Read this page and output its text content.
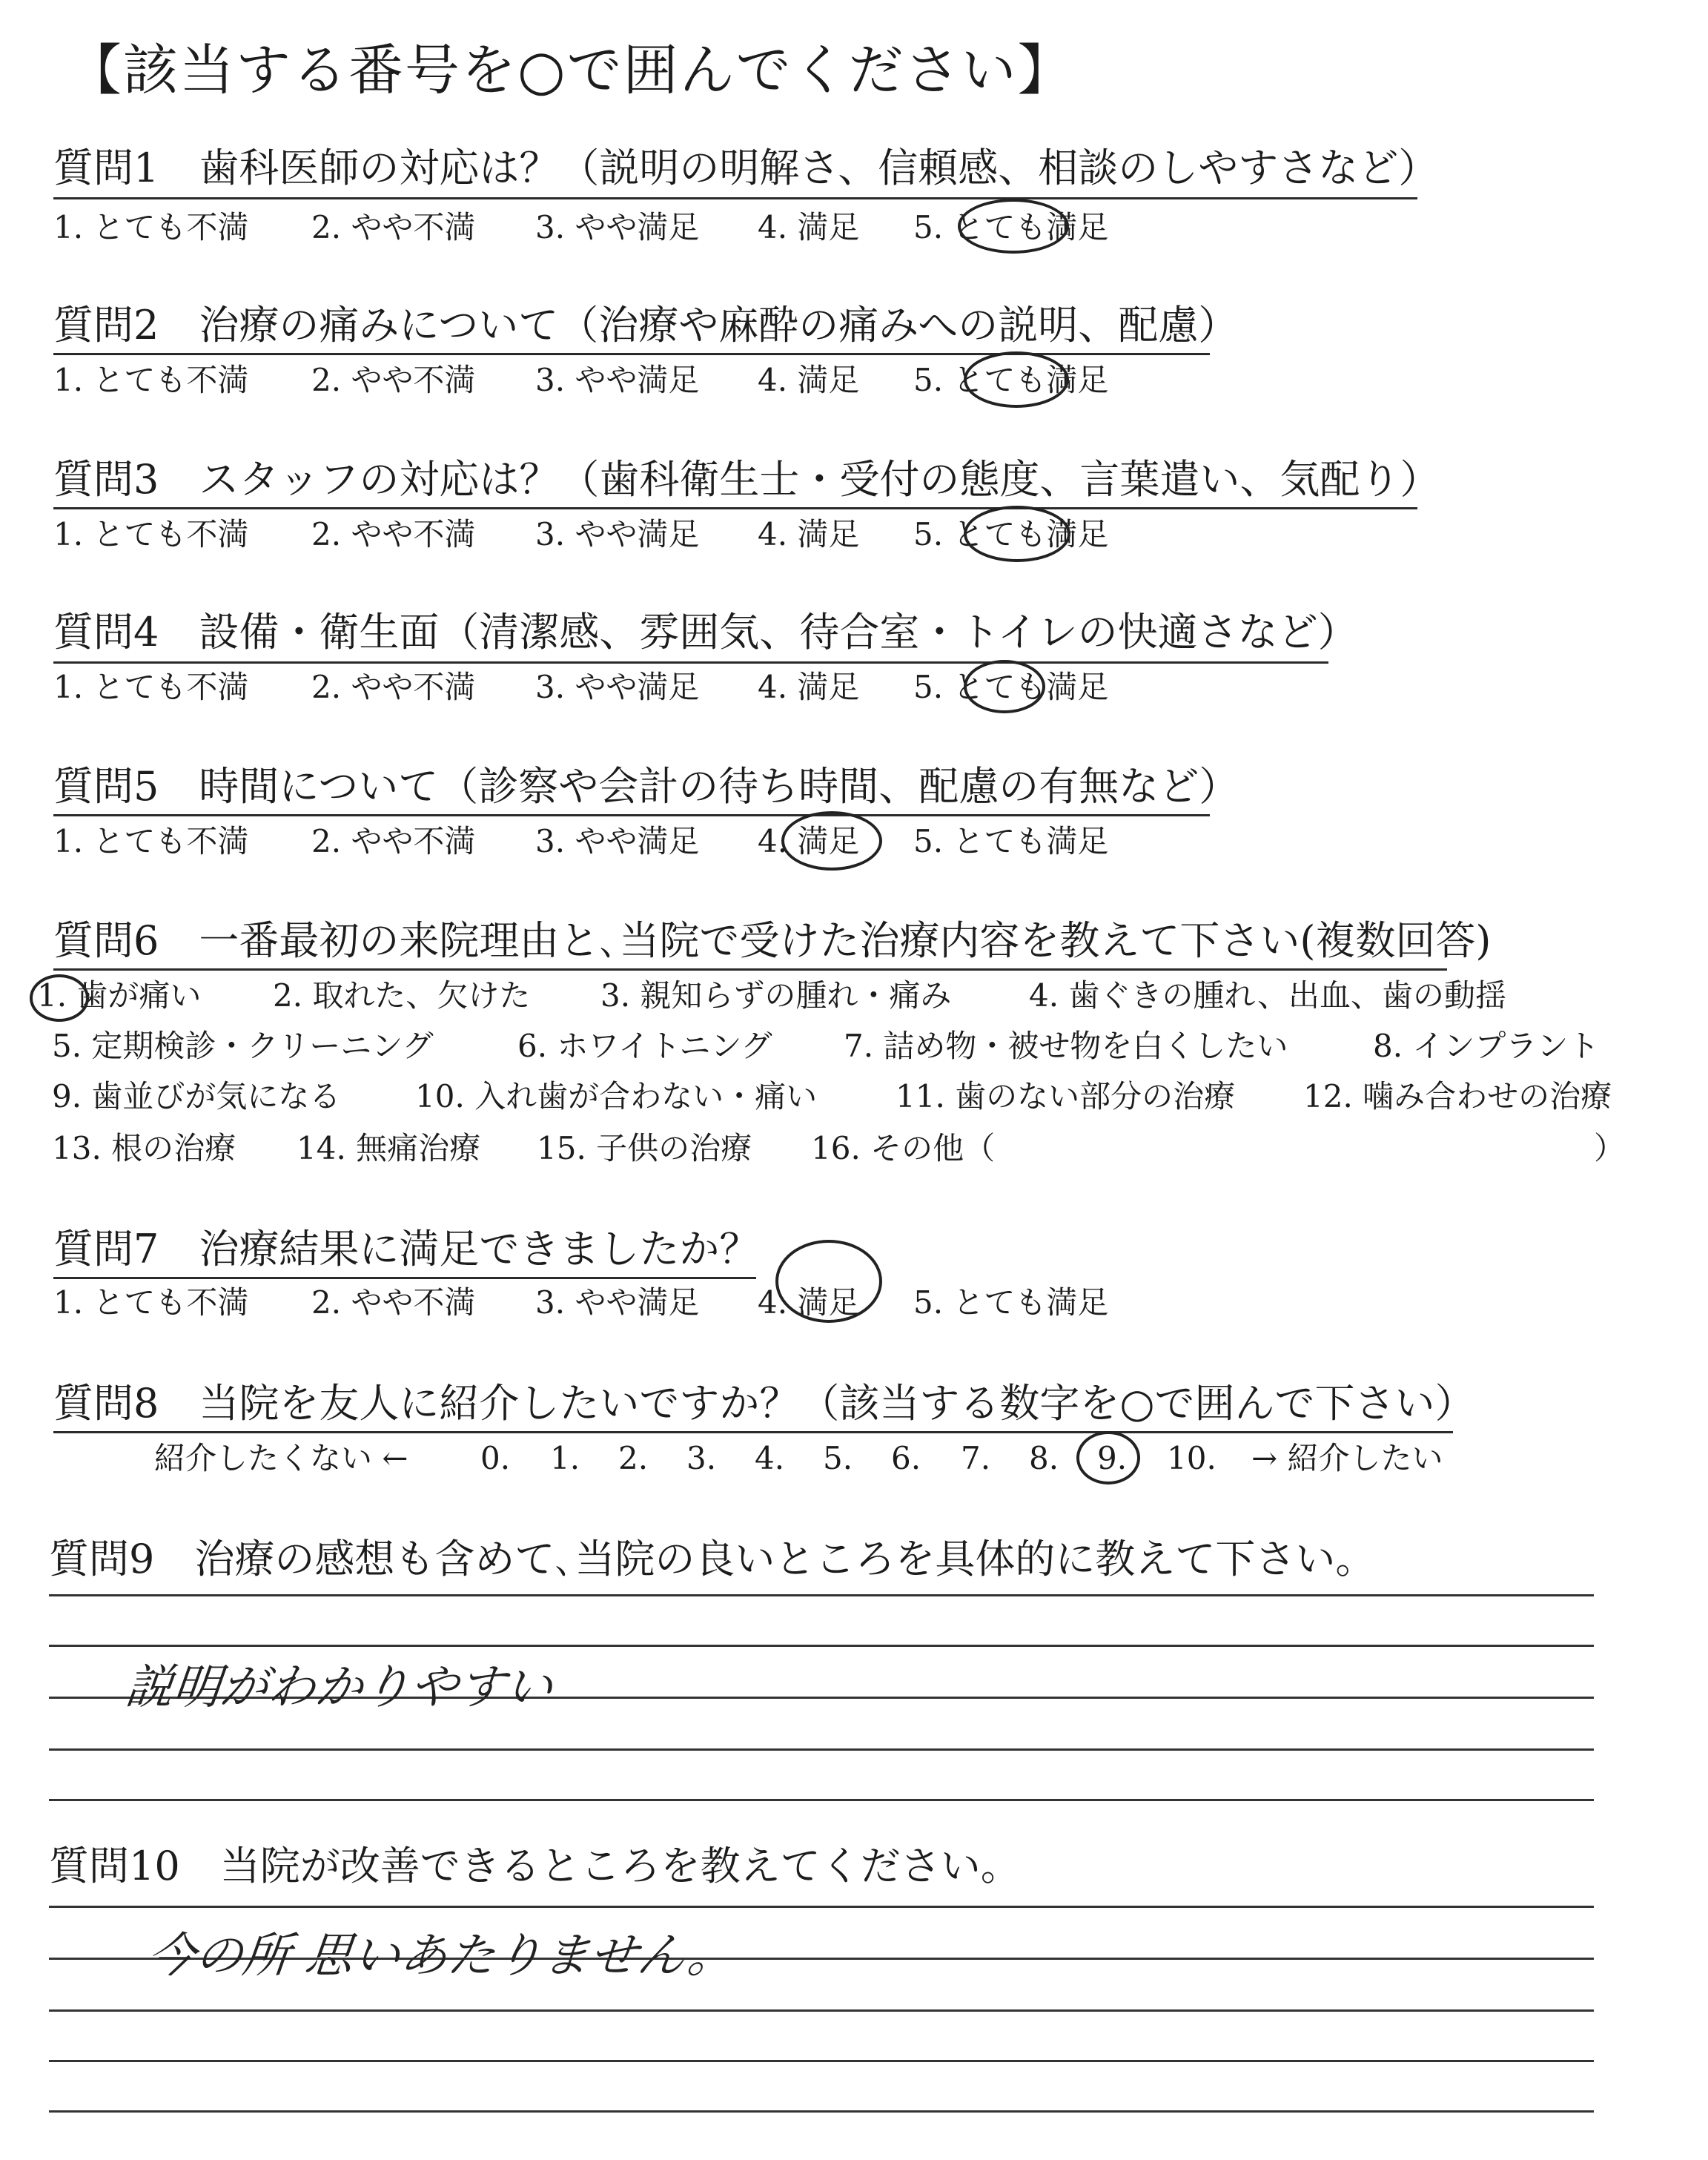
【該当する番号を○で囲んでください】
質問1　歯科医師の対応は？（説明の明解さ、信頼感、相談のしやすさなど）
1. とても不満 2. やや不満 3. やや満足 4. 満足 5. とても満足
質問2　治療の痛みについて（治療や麻酔の痛みへの説明、配慮）
1. とても不満 2. やや不満 3. やや満足 4. 満足 5. とても満足
質問3　スタッフの対応は？（歯科衛生士・受付の態度、言葉遣い、気配り）
1. とても不満 2. やや不満 3. やや満足 4. 満足 5. とても満足
質問4　設備・衛生面（清潔感、雰囲気、待合室・トイレの快適さなど）
1. とても不満 2. やや不満 3. やや満足 4. 満足 5. とても満足
質問5　時間について（診察や会計の待ち時間、配慮の有無など）
1. とても不満 2. やや不満 3. やや満足 4. 満足 5. とても満足
質問6　一番最初の来院理由と､当院で受けた治療内容を教えて下さい(複数回答)
1. 歯が痛い 2. 取れた、欠けた 3. 親知らずの腫れ・痛み 4. 歯ぐきの腫れ、出血、歯の動揺
5. 定期検診・クリーニング	6. ホワイトニング 7. 詰め物・被せ物を白くしたい	8. インプラント
9. 歯並びが気になる 10. 入れ歯が合わない・痛い	11. 歯のない部分の治療 12. 噛み合わせの治療
13. 根の治療 14. 無痛治療 15. 子供の治療 16. その他（	）
質問7　治療結果に満足できましたか？
1. とても不満 2. やや不満 3. やや満足 4. 満足 5. とても満足
質問8　当院を友人に紹介したいですか？（該当する数字を○で囲んで下さい）
紹介したくない ← 0. 1. 2. 3. 4. 5. 6. 7. 8. 9. 10. → 紹介したい
質問9　治療の感想も含めて､当院の良いところを具体的に教えて下さい。
説明がわかりやすい
質問10　当院が改善できるところを教えてください。
今の所 思いあたりません。
